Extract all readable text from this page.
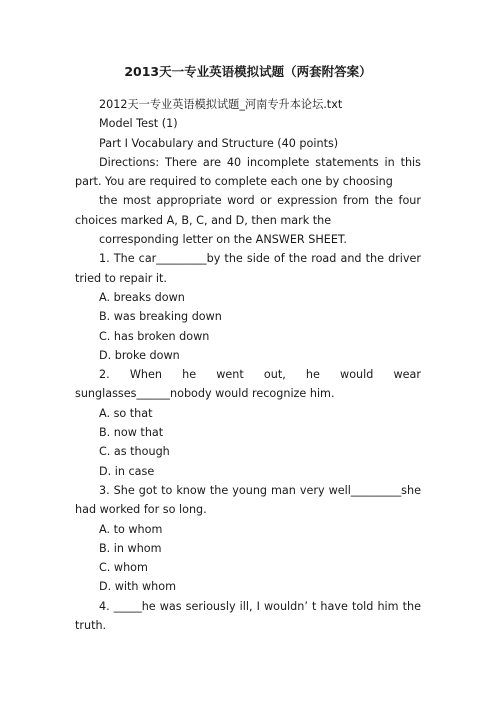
2013天一专业英语模拟试题（两套附答案）

2012天一专业英语模拟试题_河南专升本论坛.txt

Model Test (1)

Part I Vocabulary and Structure (40 points)

Directions: There are 40 incomplete statements in this part. You are required to complete each one by choosing

the most appropriate word or expression from the four choices marked A, B, C, and D, then mark the

corresponding letter on the ANSWER SHEET.

1. The car_________by the side of the road and the driver tried to repair it.

A. breaks down

B. was breaking down

C. has broken down

D. broke down

2. When he went out, he would wear sunglasses______nobody would recognize him.

A. so that

B. now that

C. as though

D. in case

3. She got to know the young man very well_________she had worked for so long.

A. to whom

B. in whom

C. whom

D. with whom

4. _____he was seriously ill, I wouldn’ t have told him the truth.
